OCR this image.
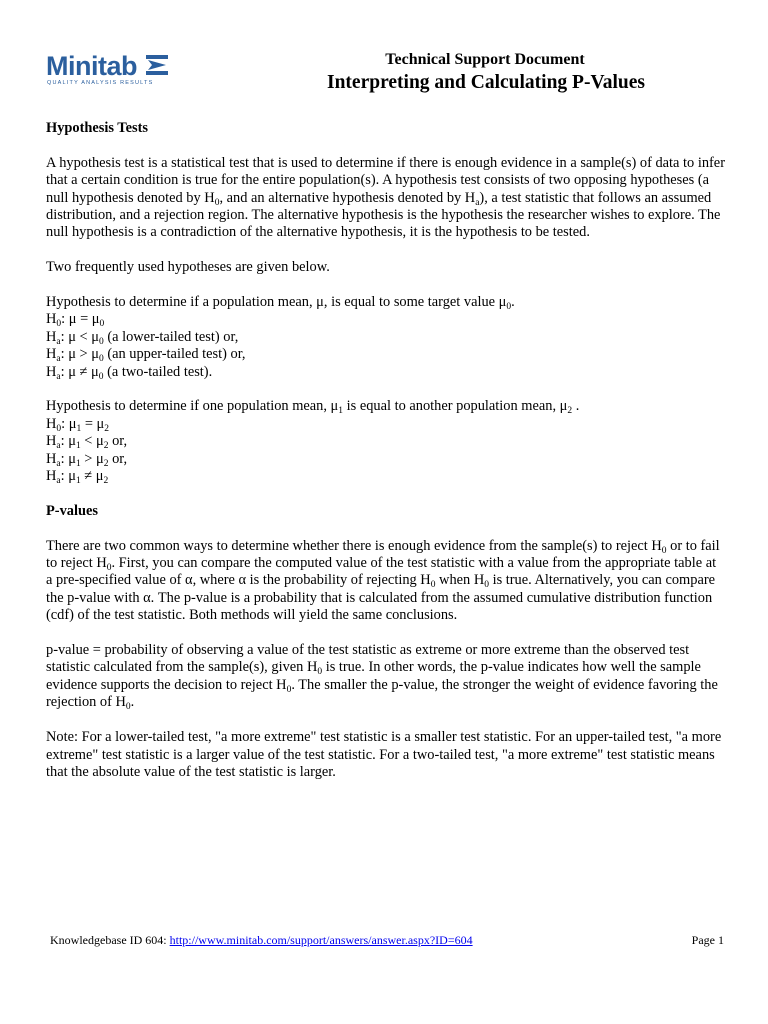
Minitab
QUALITY ANALYSIS RESULTS
Technical Support Document
Interpreting and Calculating P-Values

Hypothesis Tests

A hypothesis test is a statistical test that is used to determine if there is enough evidence in a sample(s) of data to infer that a certain condition is true for the entire population(s). A hypothesis test consists of two opposing hypotheses (a null hypothesis denoted by $H_0$, and an alternative hypothesis denoted by $H_a$), a test statistic that follows an assumed distribution, and a rejection region. The alternative hypothesis is the hypothesis the researcher wishes to explore. The null hypothesis is a contradiction of the alternative hypothesis, it is the hypothesis to be tested.

Two frequently used hypotheses are given below.

Hypothesis to determine if a population mean, μ, is equal to some target value $\mu_0$.

$H_0$: $\mu = \mu_0$

$H_a$: $\mu < \mu_0$ (a lower-tailed test) or,

$H_a$: $\mu > \mu_0$ (an upper-tailed test) or,

$H_a$: $\mu \ne \mu_0$ (a two-tailed test).

Hypothesis to determine if one population mean, $\mu_1$ is equal to another population mean, $\mu_2$ .

$H_0$: $\mu_1 = \mu_2$

$H_a$: $\mu_1 < \mu_2$ or,

$H_a$: $\mu_1 > \mu_2$ or,

$H_a$: $\mu_1 \ne \mu_2$

P-values

There are two common ways to determine whether there is enough evidence from the sample(s) to reject $H_0$ or to fail to reject $H_0$. First, you can compare the computed value of the test statistic with a value from the appropriate table at a pre-specified value of α, where α is the probability of rejecting $H_0$ when $H_0$ is true. Alternatively, you can compare the p-value with α. The p-value is a probability that is calculated from the assumed cumulative distribution function (cdf) of the test statistic. Both methods will yield the same conclusions.

p-value = probability of observing a value of the test statistic as extreme or more extreme than the observed test statistic calculated from the sample(s), given $H_0$ is true. In other words, the p-value indicates how well the sample evidence supports the decision to reject $H_0$. The smaller the p-value, the stronger the weight of evidence favoring the rejection of $H_0$.

Note: For a lower-tailed test, "a more extreme" test statistic is a smaller test statistic. For an upper-tailed test, "a more extreme" test statistic is a larger value of the test statistic. For a two-tailed test, "a more extreme" test statistic means that the absolute value of the test statistic is larger.

Knowledgebase ID 604: http://www.minitab.com/support/answers/answer.aspx?ID=604	Page 1
